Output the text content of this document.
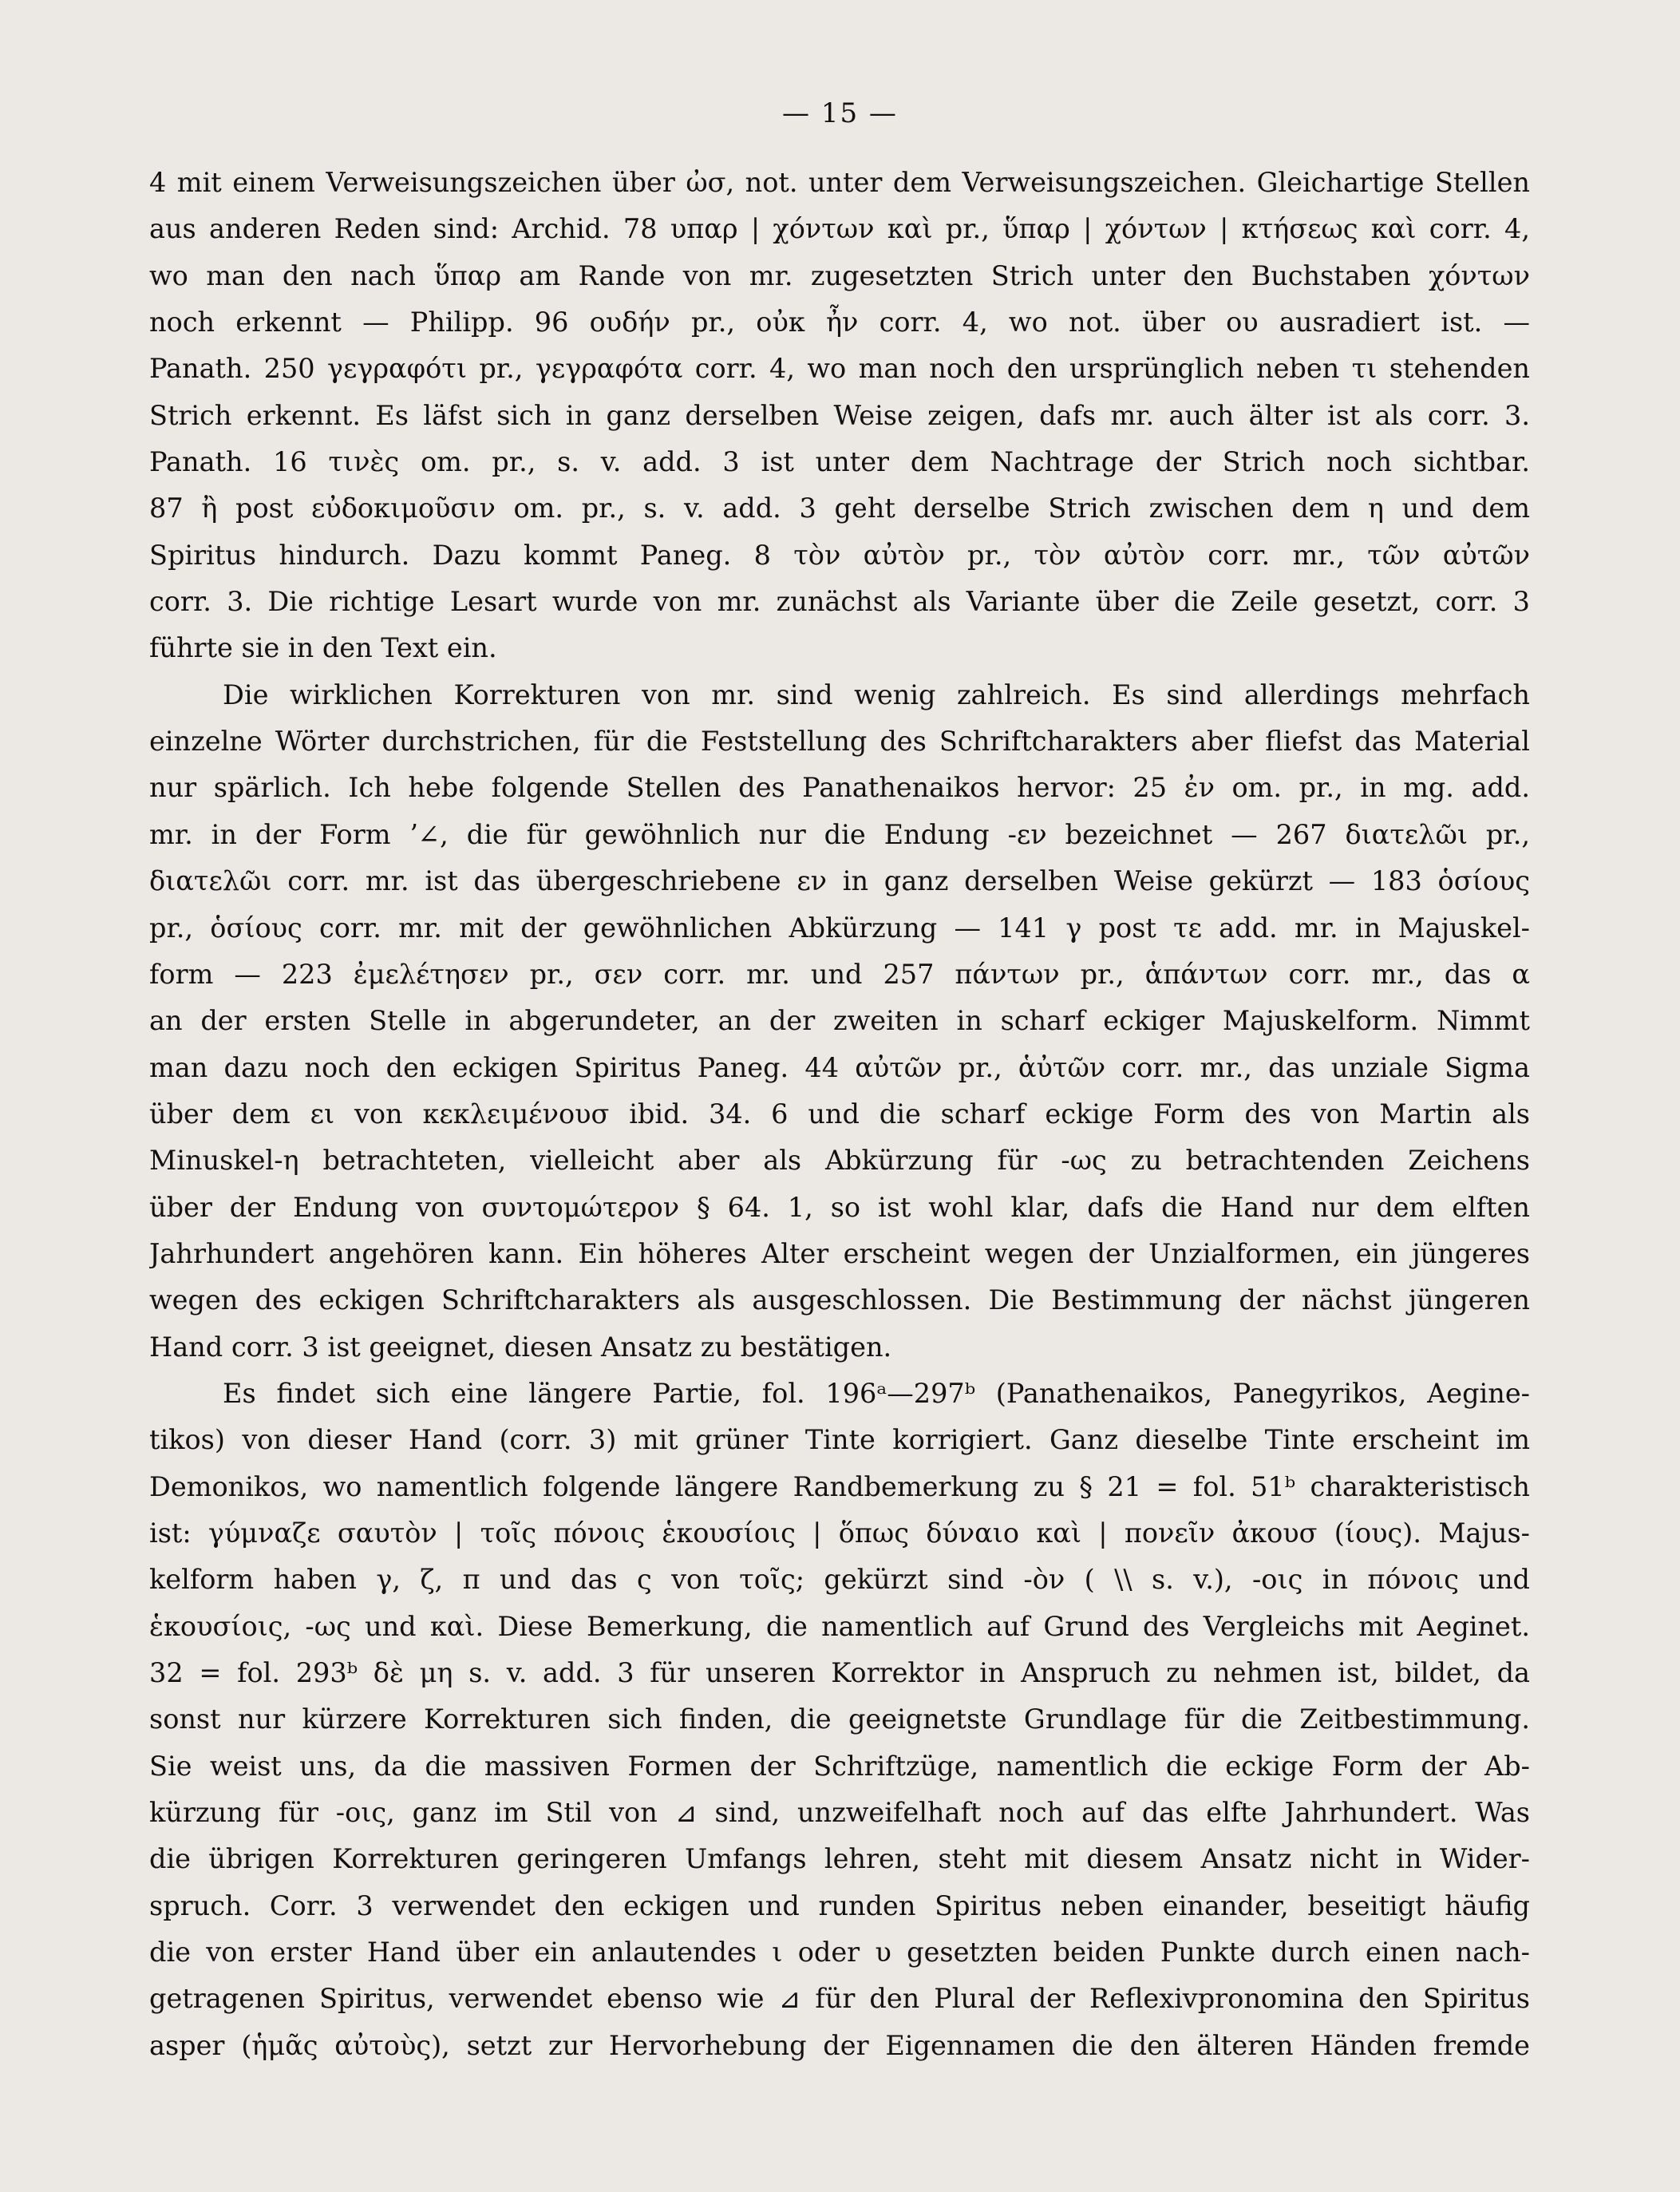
— 15 —
4 mit einem Verweisungszeichen über ὠσ, not. unter dem Verweisungszeichen. Gleichartige Stellen
aus anderen Reden sind: Archid. 78 υπαρ | χόντων καὶ pr., ὕπαρ | χόντων | κτήσεως καὶ corr. 4,
wo man den nach ὕπαρ am Rande von mr. zugesetzten Strich unter den Buchstaben χόντων
noch erkennt — Philipp. 96 ουδήν pr., οὐκ ἦν corr. 4, wo not. über ου ausradiert ist. —
Panath. 250 γεγραφότι pr., γεγραφότα corr. 4, wo man noch den ursprünglich neben τι stehenden
Strich erkennt. Es läfst sich in ganz derselben Weise zeigen, dafs mr. auch älter ist als corr. 3.
Panath. 16 τινὲς om. pr., s. v. add. 3 ist unter dem Nachtrage der Strich noch sichtbar.
87 ἢ post εὐδοκιμοῦσιν om. pr., s. v. add. 3 geht derselbe Strich zwischen dem η und dem
Spiritus hindurch. Dazu kommt Paneg. 8 τὸν αὐτὸν pr., τὸν αὐτὸν corr. mr., τῶν αὐτῶν
corr. 3. Die richtige Lesart wurde von mr. zunächst als Variante über die Zeile gesetzt, corr. 3
führte sie in den Text ein.
Die wirklichen Korrekturen von mr. sind wenig zahlreich. Es sind allerdings mehrfach
einzelne Wörter durchstrichen, für die Feststellung des Schriftcharakters aber fliefst das Material
nur spärlich. Ich hebe folgende Stellen des Panathenaikos hervor: 25 ἐν om. pr., in mg. add.
mr. in der Form ʼ∠, die für gewöhnlich nur die Endung -εν bezeichnet — 267 διατελῶι pr.,
διατελῶι corr. mr. ist das übergeschriebene εν in ganz derselben Weise gekürzt — 183 ὁσίους
pr., ὁσίους corr. mr. mit der gewöhnlichen Abkürzung — 141 γ post τε add. mr. in Majuskel-
form — 223 ἐμελέτησεν pr., σεν corr. mr. und 257 πάντων pr., ἁπάντων corr. mr., das α
an der ersten Stelle in abgerundeter, an der zweiten in scharf eckiger Majuskelform. Nimmt
man dazu noch den eckigen Spiritus Paneg. 44 αὐτῶν pr., ἁὐτῶν corr. mr., das unziale Sigma
über dem ει von κεκλειμένουσ ibid. 34. 6 und die scharf eckige Form des von Martin als
Minuskel-η betrachteten, vielleicht aber als Abkürzung für -ως zu betrachtenden Zeichens
über der Endung von συντομώτερον § 64. 1, so ist wohl klar, dafs die Hand nur dem elften
Jahrhundert angehören kann. Ein höheres Alter erscheint wegen der Unzialformen, ein jüngeres
wegen des eckigen Schriftcharakters als ausgeschlossen. Die Bestimmung der nächst jüngeren
Hand corr. 3 ist geeignet, diesen Ansatz zu bestätigen.
Es findet sich eine längere Partie, fol. 196ᵃ—297ᵇ (Panathenaikos, Panegyrikos, Aegine-
tikos) von dieser Hand (corr. 3) mit grüner Tinte korrigiert. Ganz dieselbe Tinte erscheint im
Demonikos, wo namentlich folgende längere Randbemerkung zu § 21 = fol. 51ᵇ charakteristisch
ist: γύμναζε σαυτὸν | τοῖς πόνοις ἑκουσίοις | ὅπως δύναιο καὶ | πονεῖν ἀκουσ (ίους). Majus-
kelform haben γ, ζ, π und das ς von τοῖς; gekürzt sind -ὸν ( \\ s. v.), -οις in πόνοις und
ἑκουσίοις, -ως und καὶ. Diese Bemerkung, die namentlich auf Grund des Vergleichs mit Aeginet.
32 = fol. 293ᵇ δὲ μη s. v. add. 3 für unseren Korrektor in Anspruch zu nehmen ist, bildet, da
sonst nur kürzere Korrekturen sich finden, die geeignetste Grundlage für die Zeitbestimmung.
Sie weist uns, da die massiven Formen der Schriftzüge, namentlich die eckige Form der Ab-
kürzung für -οις, ganz im Stil von ⊿ sind, unzweifelhaft noch auf das elfte Jahrhundert. Was
die übrigen Korrekturen geringeren Umfangs lehren, steht mit diesem Ansatz nicht in Wider-
spruch. Corr. 3 verwendet den eckigen und runden Spiritus neben einander, beseitigt häufig
die von erster Hand über ein anlautendes ι oder υ gesetzten beiden Punkte durch einen nach-
getragenen Spiritus, verwendet ebenso wie ⊿ für den Plural der Reflexivpronomina den Spiritus
asper (ἡμᾶς αὐτοὺς), setzt zur Hervorhebung der Eigennamen die den älteren Händen fremde
